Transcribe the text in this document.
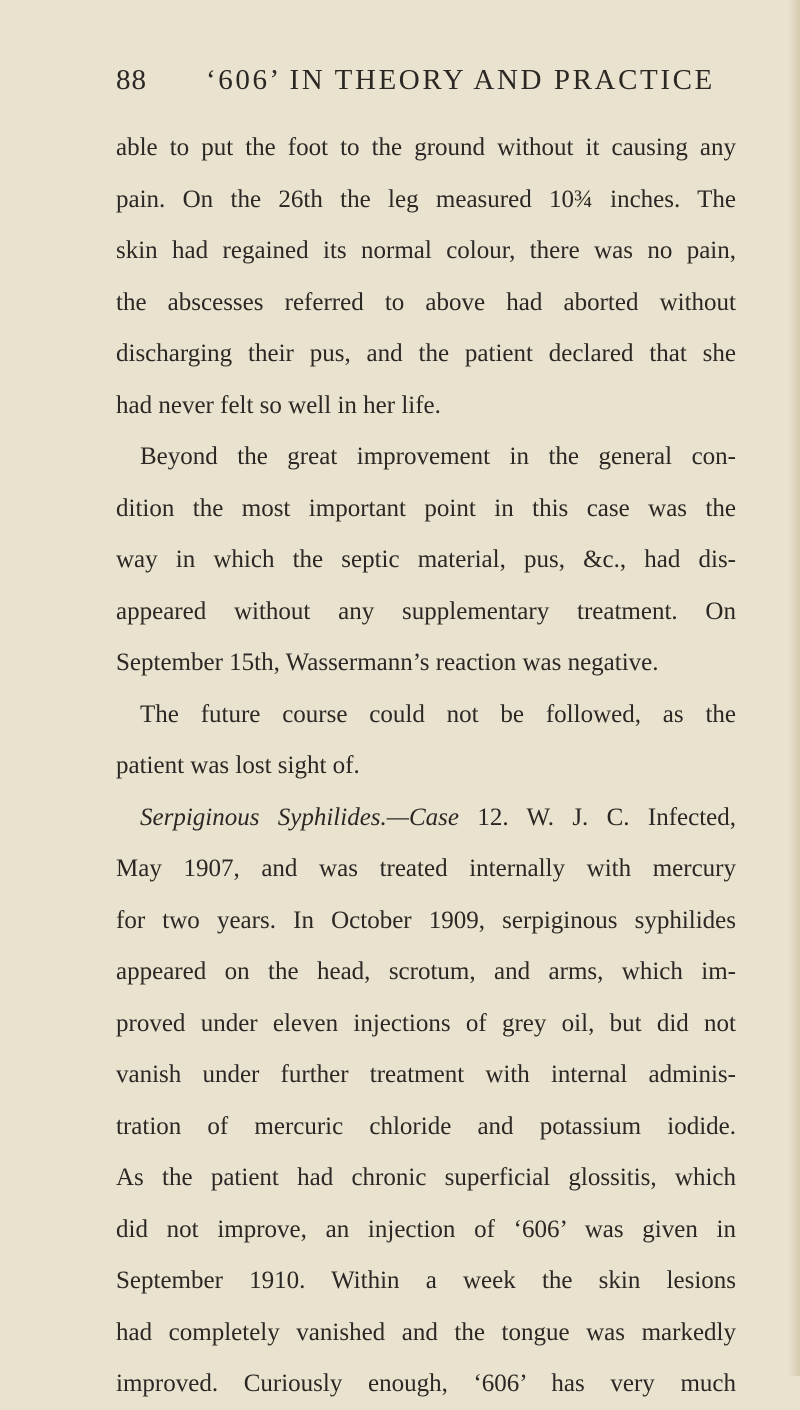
88 ‘606’ IN THEORY AND PRACTICE
able to put the foot to the ground without it causing any
pain. On the 26th the leg measured 10¾ inches. The
skin had regained its normal colour, there was no pain,
the abscesses referred to above had aborted without
discharging their pus, and the patient declared that she
had never felt so well in her life.
Beyond the great improvement in the general con-
dition the most important point in this case was the
way in which the septic material, pus, &c., had dis-
appeared without any supplementary treatment. On
September 15th, Wassermann’s reaction was negative.
The future course could not be followed, as the
patient was lost sight of.
Serpiginous Syphilides.—Case 12. W. J. C. Infected,
May 1907, and was treated internally with mercury
for two years. In October 1909, serpiginous syphilides
appeared on the head, scrotum, and arms, which im-
proved under eleven injections of grey oil, but did not
vanish under further treatment with internal adminis-
tration of mercuric chloride and potassium iodide.
As the patient had chronic superficial glossitis, which
did not improve, an injection of ‘606’ was given in
September 1910. Within a week the skin lesions
had completely vanished and the tongue was markedly
improved. Curiously enough, ‘606’ has very much
